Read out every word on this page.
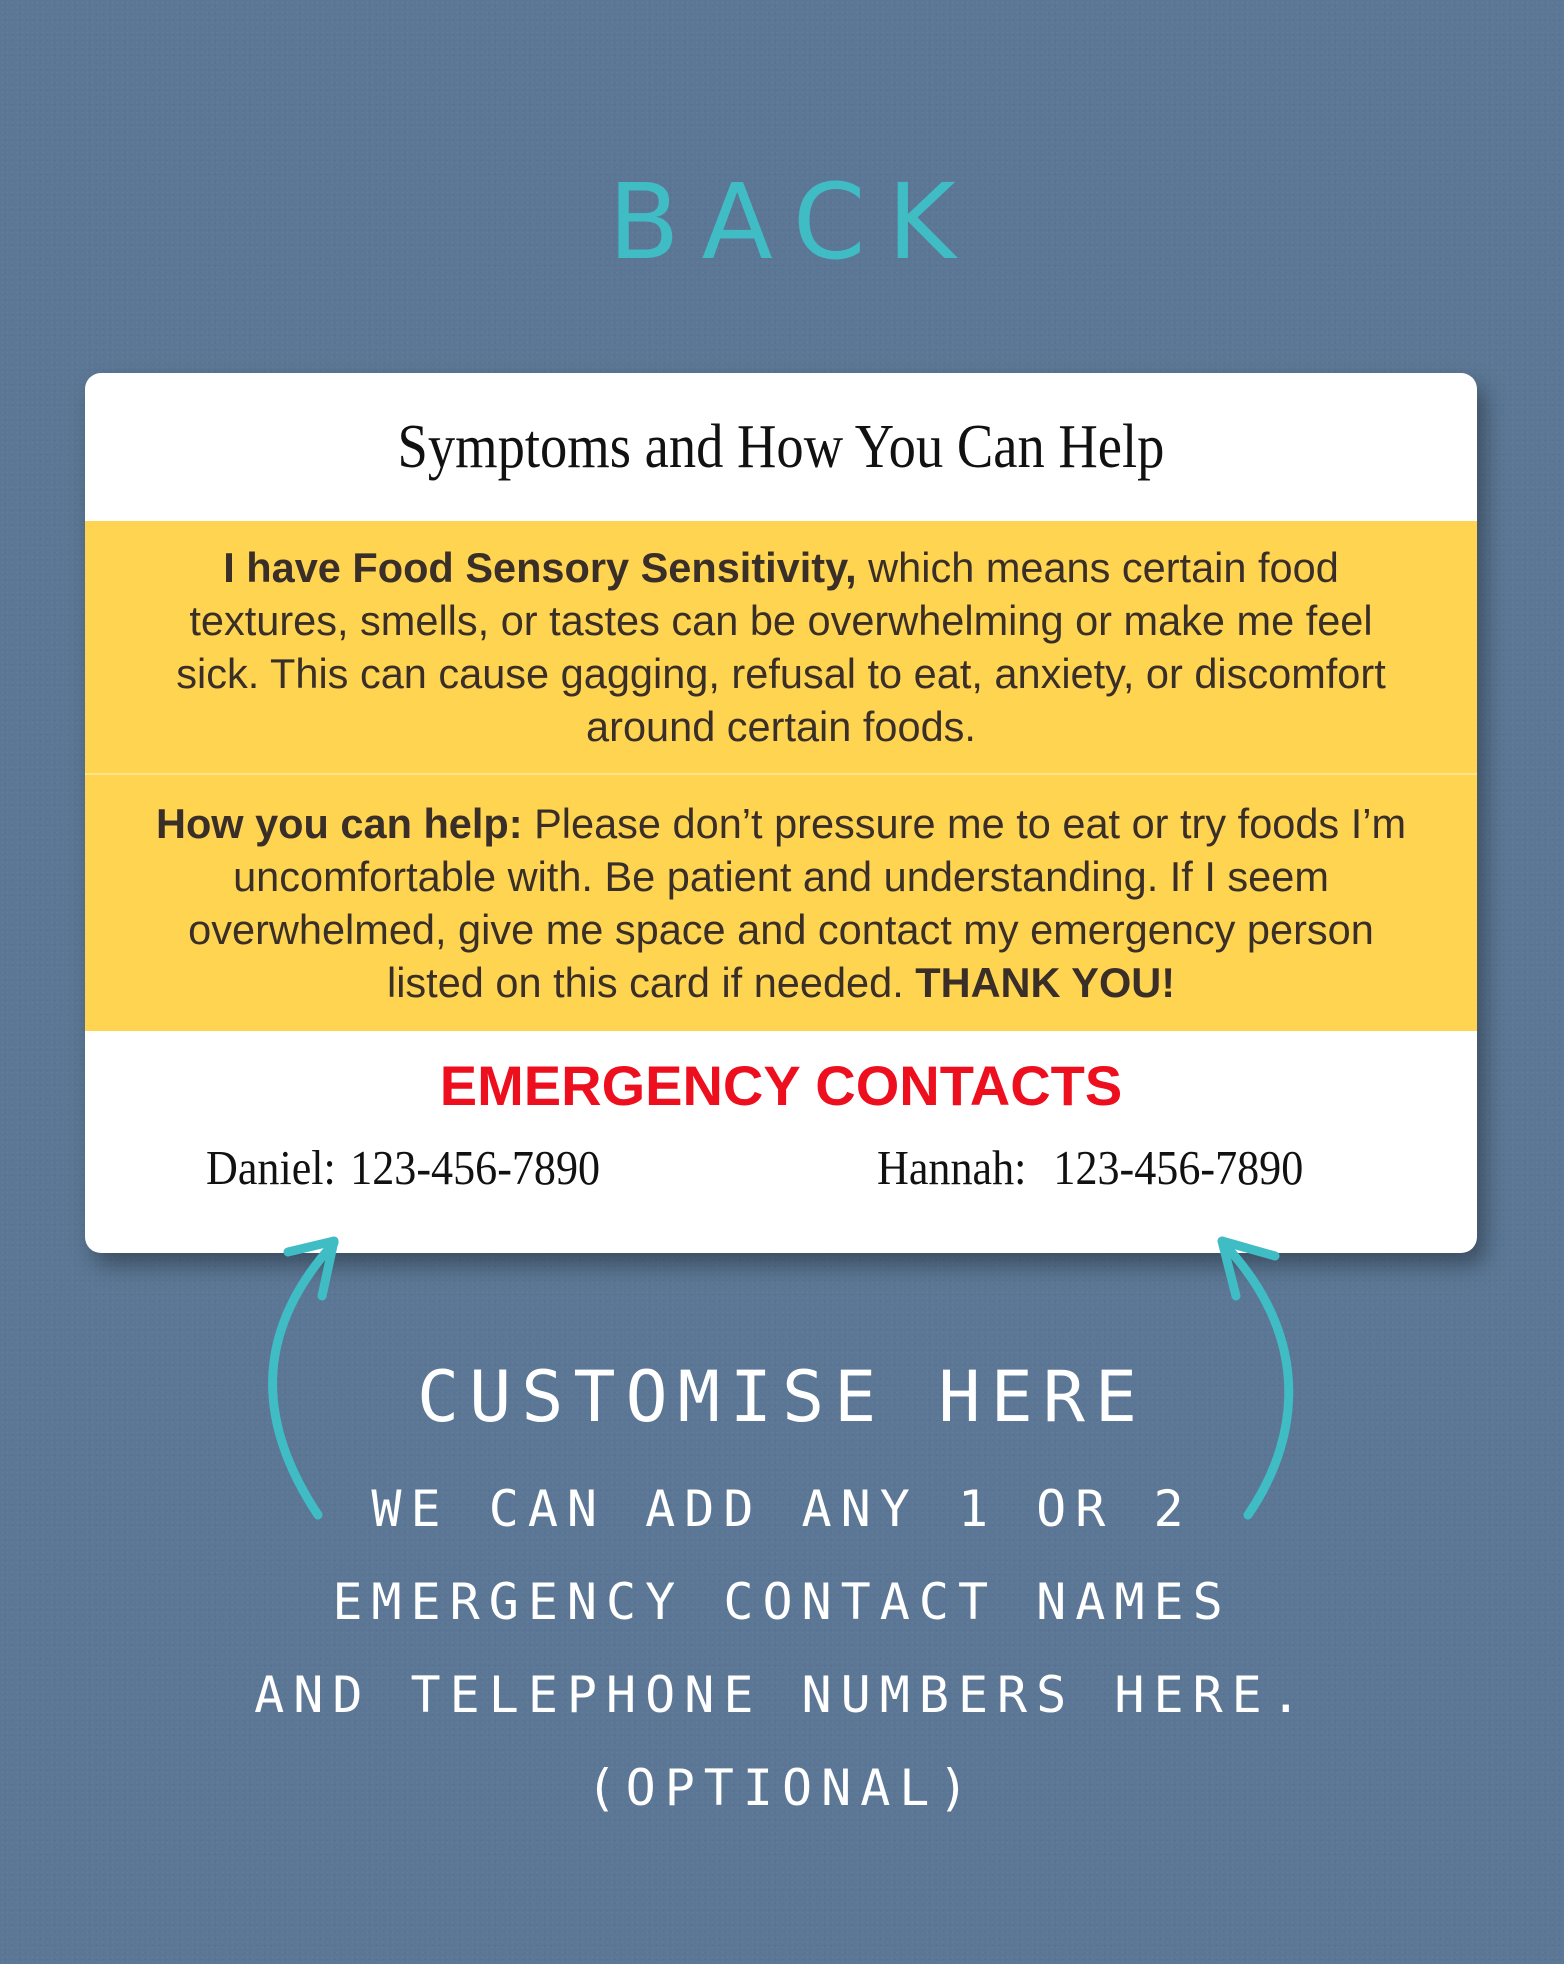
BACK
Symptoms and How You Can Help
I have Food Sensory Sensitivity, which means certain food textures, smells, or tastes can be overwhelming or make me feel sick. This can cause gagging, refusal to eat, anxiety, or discomfort around certain foods.
How you can help: Please don’t pressure me to eat or try foods I’m uncomfortable with. Be patient and understanding. If I seem overwhelmed, give me space and contact my emergency person listed on this card if needed. THANK YOU!
EMERGENCY CONTACTS
Daniel: 123-456-7890	Hannah: 123-456-7890
CUSTOMISE HERE
WE CAN ADD ANY 1 OR 2
EMERGENCY CONTACT NAMES
AND TELEPHONE NUMBERS HERE.
(OPTIONAL)
